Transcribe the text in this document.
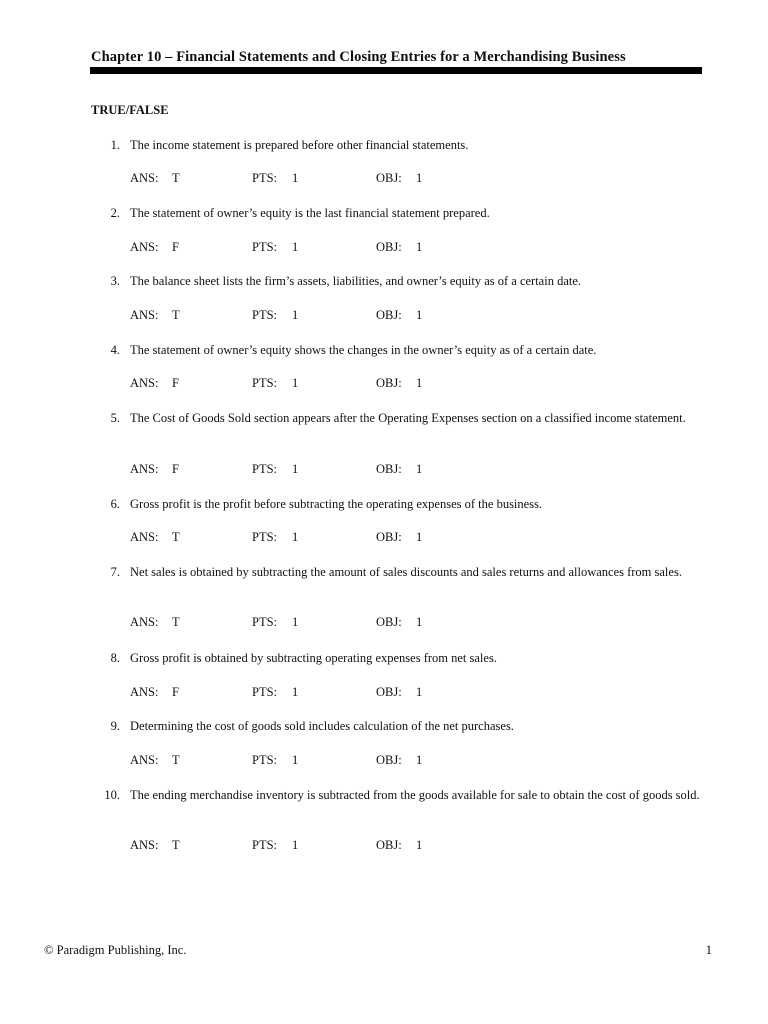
Chapter 10 – Financial Statements and Closing Entries for a Merchandising Business
TRUE/FALSE
1. The income statement is prepared before other financial statements.
ANS: T	PTS: 1	OBJ: 1
2. The statement of owner’s equity is the last financial statement prepared.
ANS: F	PTS: 1	OBJ: 1
3. The balance sheet lists the firm’s assets, liabilities, and owner’s equity as of a certain date.
ANS: T	PTS: 1	OBJ: 1
4. The statement of owner’s equity shows the changes in the owner’s equity as of a certain date.
ANS: F	PTS: 1	OBJ: 1
5. The Cost of Goods Sold section appears after the Operating Expenses section on a classified income statement.
ANS: F	PTS: 1	OBJ: 1
6. Gross profit is the profit before subtracting the operating expenses of the business.
ANS: T	PTS: 1	OBJ: 1
7. Net sales is obtained by subtracting the amount of sales discounts and sales returns and allowances from sales.
ANS: T	PTS: 1	OBJ: 1
8. Gross profit is obtained by subtracting operating expenses from net sales.
ANS: F	PTS: 1	OBJ: 1
9. Determining the cost of goods sold includes calculation of the net purchases.
ANS: T	PTS: 1	OBJ: 1
10. The ending merchandise inventory is subtracted from the goods available for sale to obtain the cost of goods sold.
ANS: T	PTS: 1	OBJ: 1
© Paradigm Publishing, Inc.	1
